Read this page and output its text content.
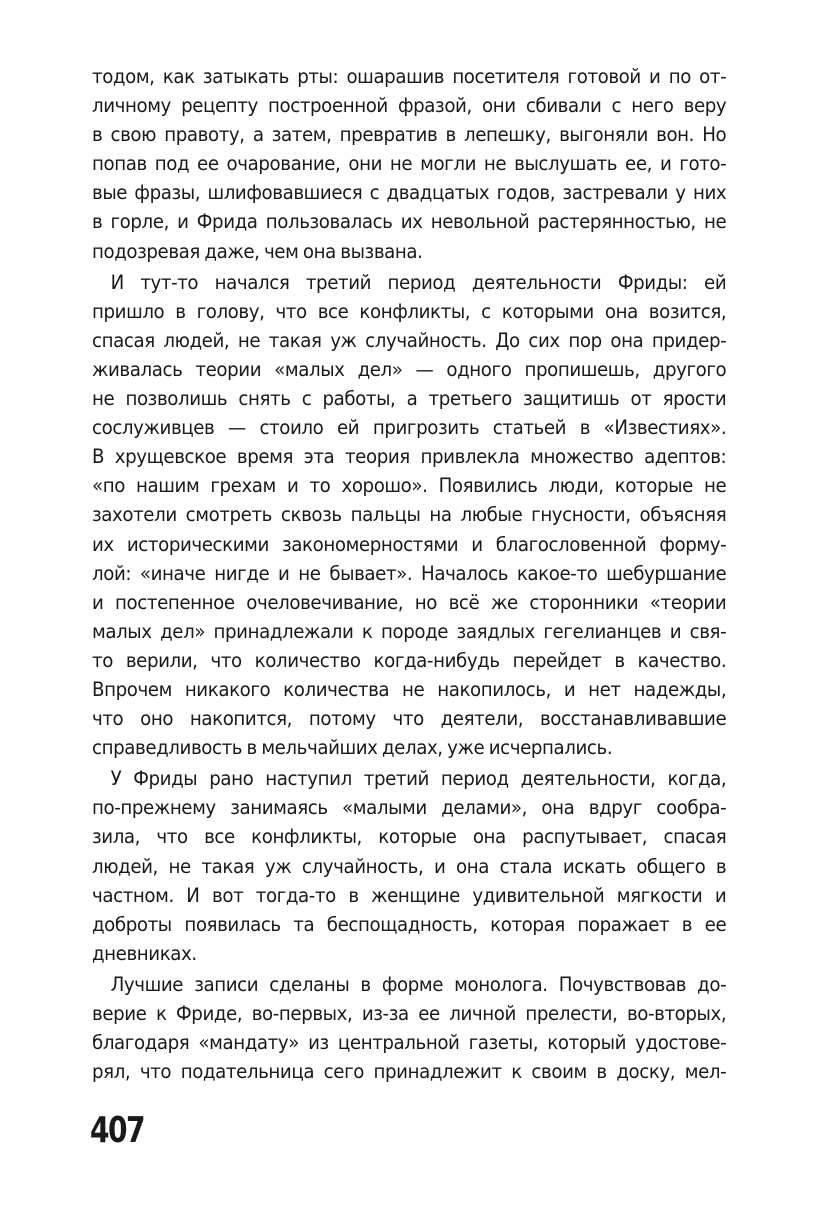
тодом, как затыкать рты: ошарашив посетителя готовой и по от-
личному рецепту построенной фразой, они сбивали с него веру
в свою правоту, а затем, превратив в лепешку, выгоняли вон. Но
попав под ее очарование, они не могли не выслушать ее, и гото-
вые фразы, шлифовавшиеся с двадцатых годов, застревали у них
в горле, и Фрида пользовалась их невольной растерянностью, не
подозревая даже, чем она вызвана.
И тут-то начался третий период деятельности Фриды: ей
пришло в голову, что все конфликты, с которыми она возится,
спасая людей, не такая уж случайность. До сих пор она придер-
живалась теории «малых дел» — одного пропишешь, другого
не позволишь снять с работы, а третьего защитишь от ярости
сослуживцев — стоило ей пригрозить статьей в «Известиях».
В хрущевское время эта теория привлекла множество адептов:
«по нашим грехам и то хорошо». Появились люди, которые не
захотели смотреть сквозь пальцы на любые гнусности, объясняя
их историческими закономерностями и благословенной форму-
лой: «иначе нигде и не бывает». Началось какое-то шебуршание
и постепенное очеловечивание, но всё же сторонники «теории
малых дел» принадлежали к породе заядлых гегелианцев и свя-
то верили, что количество когда-нибудь перейдет в качество.
Впрочем никакого количества не накопилось, и нет надежды,
что оно накопится, потому что деятели, восстанавливавшие
справедливость в мельчайших делах, уже исчерпались.
У Фриды рано наступил третий период деятельности, когда,
по-прежнему занимаясь «малыми делами», она вдруг сообра-
зила, что все конфликты, которые она распутывает, спасая
людей, не такая уж случайность, и она стала искать общего в
частном. И вот тогда-то в женщине удивительной мягкости и
доброты появилась та беспощадность, которая поражает в ее
дневниках.
Лучшие записи сделаны в форме монолога. Почувствовав до-
верие к Фриде, во-первых, из-за ее личной прелести, во-вторых,
благодаря «мандату» из центральной газеты, который удостове-
рял, что подательница сего принадлежит к своим в доску, мел-
407
